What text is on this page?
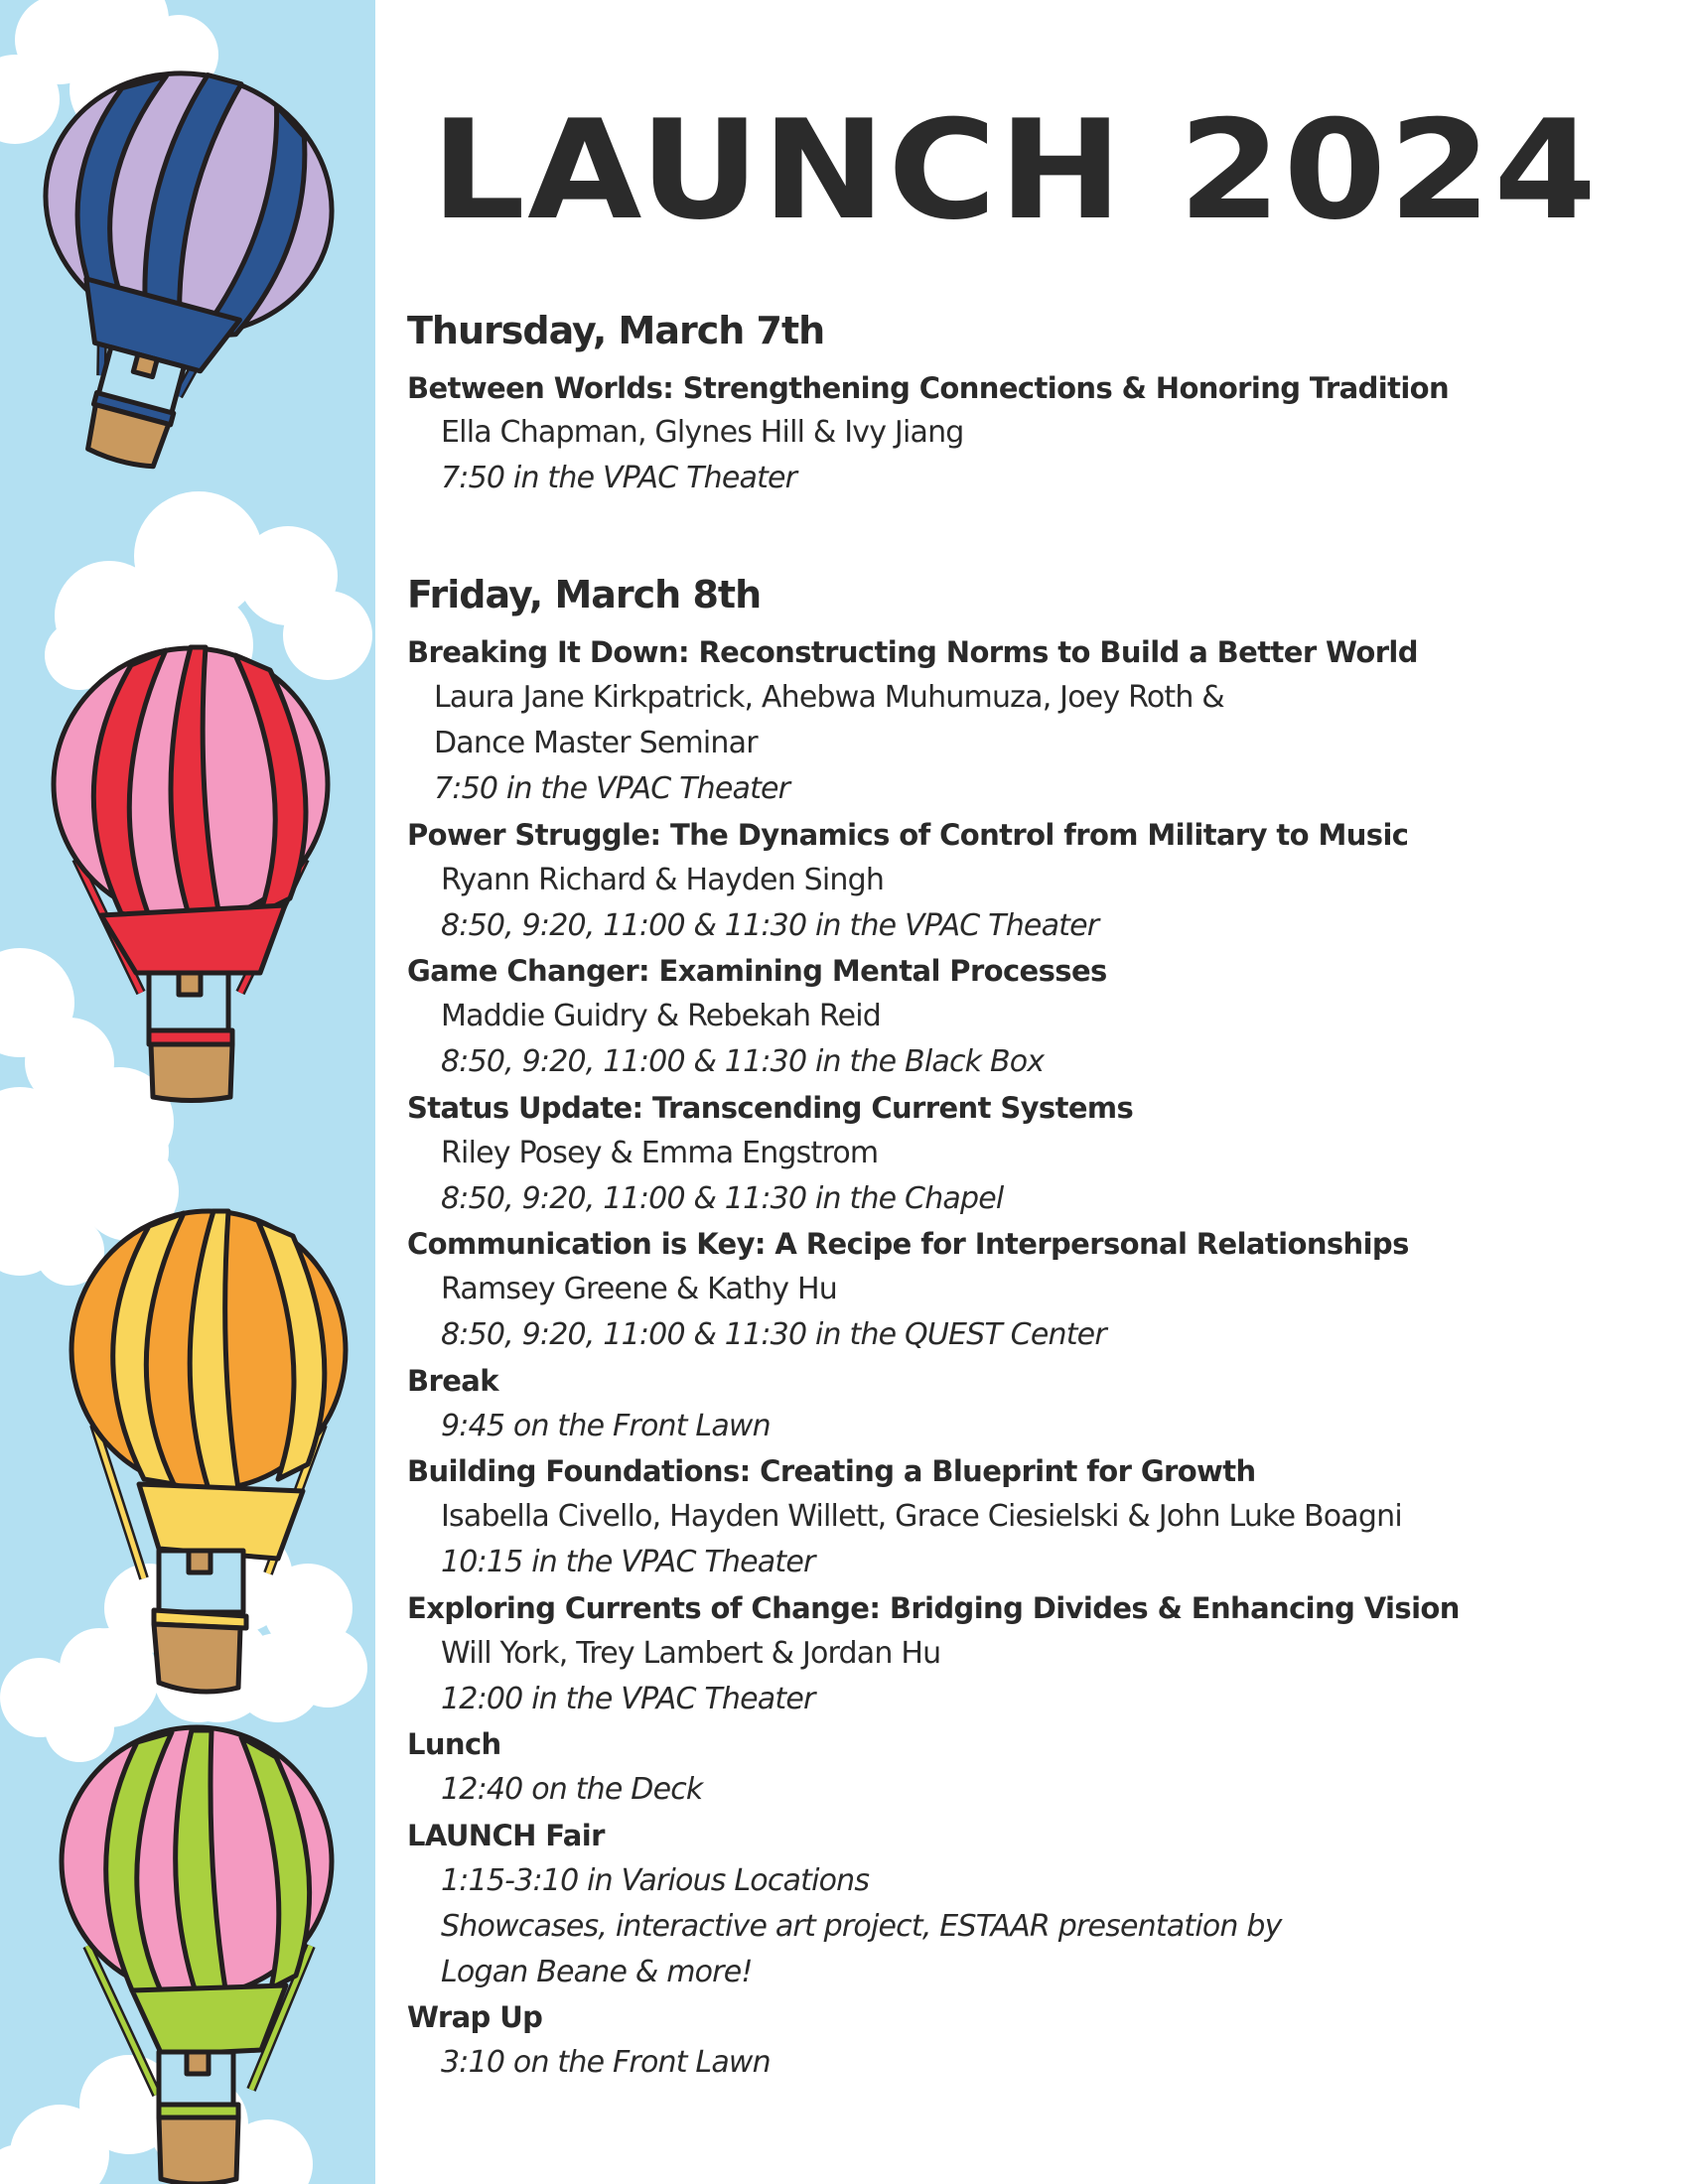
LAUNCH 2024
Thursday, March 7th
Between Worlds: Strengthening Connections & Honoring Tradition
Ella Chapman, Glynes Hill & Ivy Jiang
7:50 in the VPAC Theater
Friday, March 8th
Breaking It Down: Reconstructing Norms to Build a Better World
Laura Jane Kirkpatrick, Ahebwa Muhumuza, Joey Roth &
Dance Master Seminar
7:50 in the VPAC Theater
Power Struggle: The Dynamics of Control from Military to Music
Ryann Richard & Hayden Singh
8:50, 9:20, 11:00 & 11:30 in the VPAC Theater
Game Changer: Examining Mental Processes
Maddie Guidry & Rebekah Reid
8:50, 9:20, 11:00 & 11:30 in the Black Box
Status Update: Transcending Current Systems
Riley Posey & Emma Engstrom
8:50, 9:20, 11:00 & 11:30 in the Chapel
Communication is Key: A Recipe for Interpersonal Relationships
Ramsey Greene & Kathy Hu
8:50, 9:20, 11:00 & 11:30 in the QUEST Center
Break
9:45 on the Front Lawn
Building Foundations: Creating a Blueprint for Growth
Isabella Civello, Hayden Willett, Grace Ciesielski & John Luke Boagni
10:15 in the VPAC Theater
Exploring Currents of Change: Bridging Divides & Enhancing Vision
Will York, Trey Lambert & Jordan Hu
12:00 in the VPAC Theater
Lunch
12:40 on the Deck
LAUNCH Fair
1:15-3:10 in Various Locations
Showcases, interactive art project, ESTAAR presentation by
Logan Beane & more!
Wrap Up
3:10 on the Front Lawn
